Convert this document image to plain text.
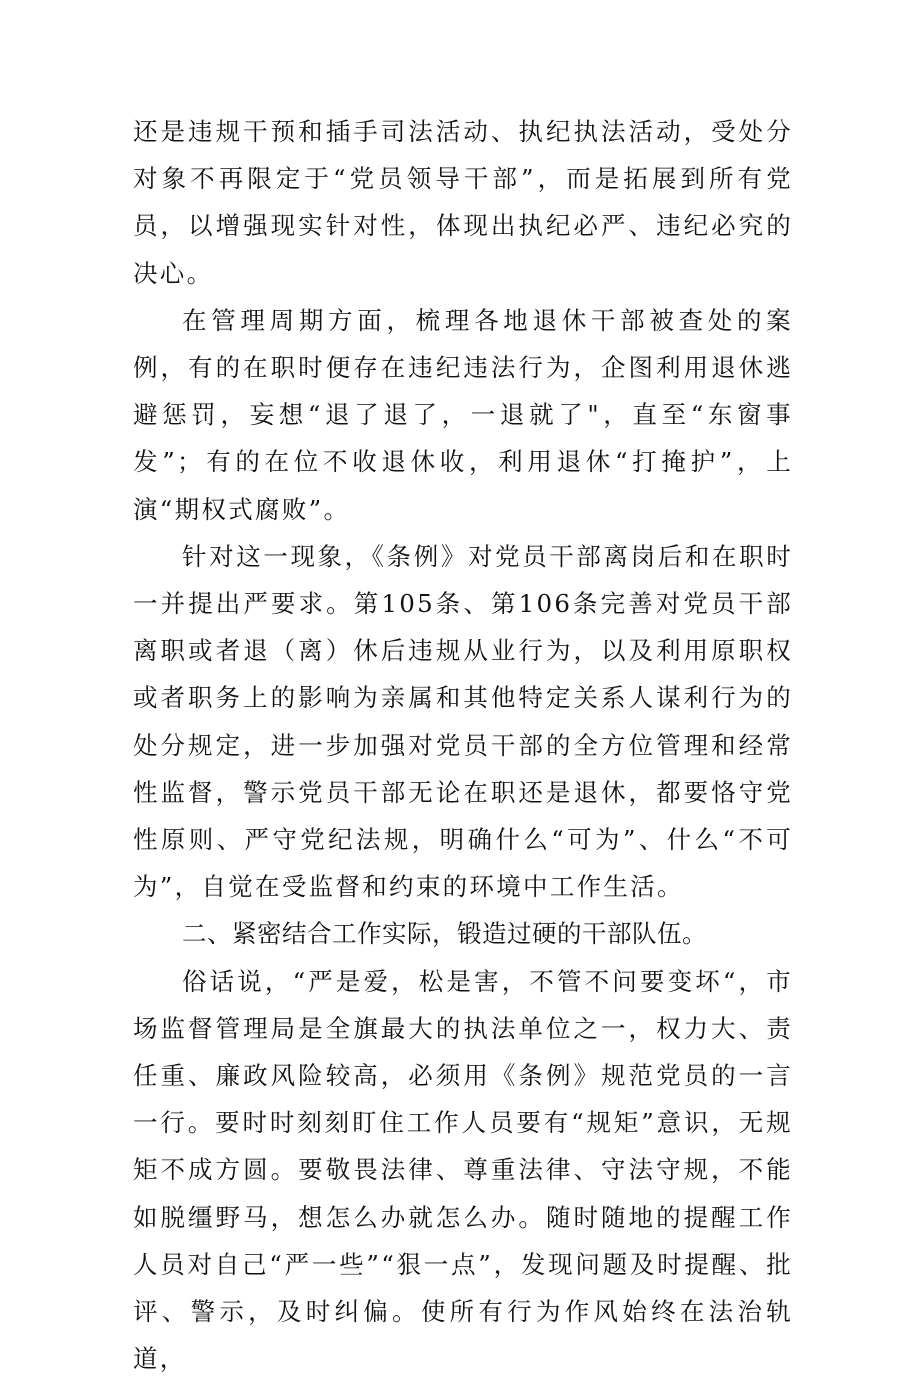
还是违规干预和插手司法活动、执纪执法活动，受处分对象不再限定于“党员领导干部”，而是拓展到所有党员，以增强现实针对性，体现出执纪必严、违纪必究的决心。

在管理周期方面，梳理各地退休干部被查处的案例，有的在职时便存在违纪违法行为，企图利用退休逃避惩罚，妄想“退了退了，一退就了"，直至“东窗事发”；有的在位不收退休收，利用退休“打掩护”，上演“期权式腐败”。

针对这一现象，《条例》对党员干部离岗后和在职时一并提出严要求。第105条、第106条完善对党员干部离职或者退（离）休后违规从业行为，以及利用原职权或者职务上的影响为亲属和其他特定关系人谋利行为的处分规定，进一步加强对党员干部的全方位管理和经常性监督，警示党员干部无论在职还是退休，都要恪守党性原则、严守党纪法规，明确什么“可为”、什么“不可为”，自觉在受监督和约束的环境中工作生活。

二、紧密结合工作实际，锻造过硬的干部队伍。

俗话说，“严是爱，松是害，不管不问要变坏“，市场监督管理局是全旗最大的执法单位之一，权力大、责任重、廉政风险较高，必须用《条例》规范党员的一言一行。要时时刻刻盯住工作人员要有“规矩”意识，无规矩不成方圆。要敬畏法律、尊重法律、守法守规，不能如脱缰野马，想怎么办就怎么办。随时随地的提醒工作人员对自己“严一些”“狠一点”，发现问题及时提醒、批评、警示，及时纠偏。使所有行为作风始终在法治轨道，
